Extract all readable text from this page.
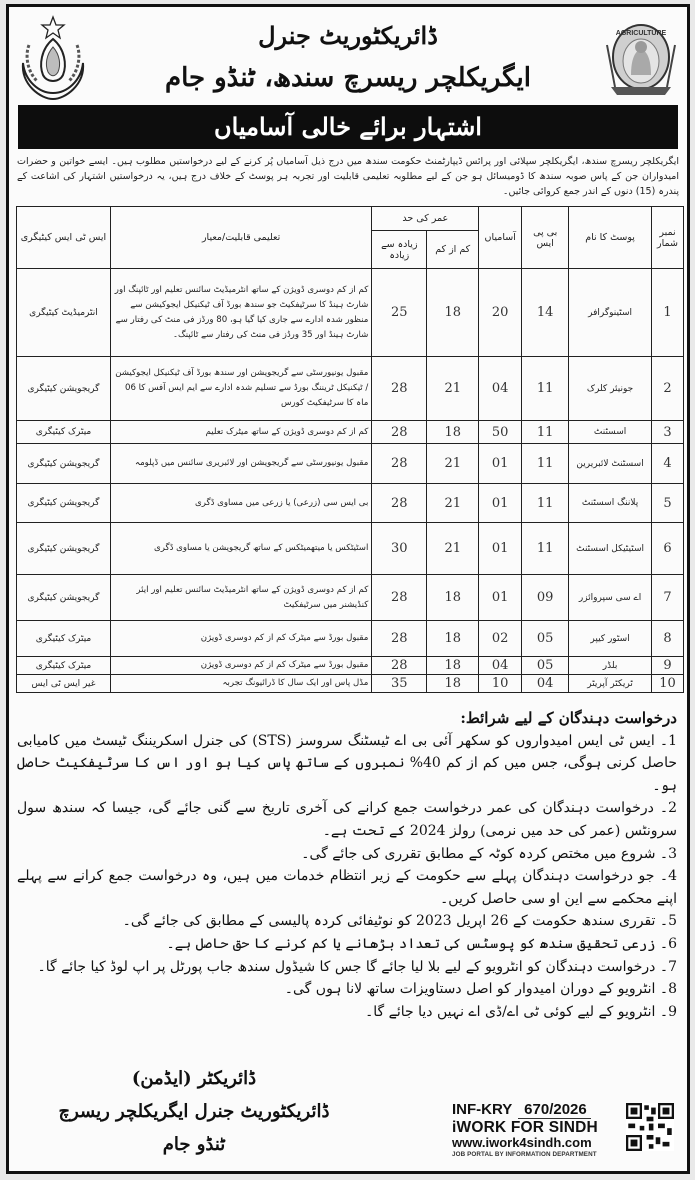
AGRICULTURE
ڈائریکٹوریٹ جنرل
ایگریکلچر ریسرچ سندھ، ٹنڈو جام
اشتہار برائے خالی آسامیاں
ایگریکلچر ریسرچ سندھ، ایگریکلچر سپلائی اور پرائس ڈیپارٹمنٹ حکومت سندھ میں درج ذیل آسامیاں پُر کرنے کے لیے درخواستیں مطلوب ہیں۔ ایسے خواتین و حضرات امیدواران جن کے پاس صوبہ سندھ کا ڈومیسائل ہو جن کے لیے مطلوبہ تعلیمی قابلیت اور تجربہ ہر پوسٹ کے خلاف درج ہیں، یہ درخواستیں اشتہار کی اشاعت کے پندرہ (15) دنوں کے اندر جمع کروائی جائیں۔
نمبر شمار	پوسٹ کا نام	بی پی ایس	آسامیاں	عمر کی حد		تعلیمی قابلیت/معیار	ایس ٹی ایس کیٹیگری
				کم از کم	زیادہ سے زیادہ		
1	اسٹینوگرافر	14	20	18	25	کم از کم دوسری ڈویژن کے ساتھ انٹرمیڈیٹ سائنس تعلیم اور ٹائپنگ اور شارٹ ہینڈ کا سرٹیفکیٹ جو سندھ بورڈ آف ٹیکنیکل ایجوکیشن سے منظور شدہ ادارے سے جاری کیا گیا ہو، 80 ورڈز فی منٹ کی رفتار سے شارٹ ہینڈ اور 35 ورڈز فی منٹ کی رفتار سے ٹائپنگ۔	انٹرمیڈیٹ کیٹیگری
2	جونیئر کلرک	11	04	21	28	مقبول یونیورسٹی سے گریجویشن اور سندھ بورڈ آف ٹیکنیکل ایجوکیشن / ٹیکنیکل ٹریننگ بورڈ سے تسلیم شدہ ادارے سے ایم ایس آفس کا 06 ماہ کا سرٹیفکیٹ کورس	گریجویشن کیٹیگری
3	اسسٹنٹ	11	50	18	28	کم از کم دوسری ڈویژن کے ساتھ میٹرک تعلیم	میٹرک کیٹیگری
4	اسسٹنٹ لائبریرین	11	01	21	28	مقبول یونیورسٹی سے گریجویشن اور لائبریری سائنس میں ڈپلومہ	گریجویشن کیٹیگری
5	پلاننگ اسسٹنٹ	11	01	21	28	بی ایس سی (زرعی) یا زرعی میں مساوی ڈگری	گریجویشن کیٹیگری
6	اسٹیٹیکل اسسٹنٹ	11	01	21	30	اسٹیٹکس یا میتھمیٹکس کے ساتھ گریجویشن یا مساوی ڈگری	گریجویشن کیٹیگری
7	اے سی سپروائزر	09	01	18	28	کم از کم دوسری ڈویژن کے ساتھ انٹرمیڈیٹ سائنس تعلیم اور ایئر کنڈیشنر میں سرٹیفکیٹ	گریجویشن کیٹیگری
8	اسٹور کیپر	05	02	18	28	مقبول بورڈ سے میٹرک کم از کم دوسری ڈویژن	میٹرک کیٹیگری
9	بلڈر	05	04	18	28	مقبول بورڈ سے میٹرک کم از کم دوسری ڈویژن	میٹرک کیٹیگری
10	ٹریکٹر آپریٹر	04	10	18	35	مڈل پاس اور ایک سال کا ڈرائیونگ تجربہ	غیر ایس ٹی ایس
درخواست دہندگان کے لیے شرائط:
1۔ ایس ٹی ایس امیدواروں کو سکھر آئی بی اے ٹیسٹنگ سروسز (STS) کی جنرل اسکریننگ ٹیسٹ میں کامیابی حاصل کرنی ہوگی، جس میں کم از کم 40% نمبروں کے ساتھ پاس کیا ہو اور اس کا سرٹیفکیٹ حاصل ہو۔
2۔ درخواست دہندگان کی عمر درخواست جمع کرانے کی آخری تاریخ سے گنی جائے گی، جیسا کہ سندھ سول سرونٹس (عمر کی حد میں نرمی) رولز 2024 کے تحت ہے۔
3۔ شروع میں مختص کردہ کوٹہ کے مطابق تقرری کی جائے گی۔
4۔ جو درخواست دہندگان پہلے سے حکومت کے زیر انتظام خدمات میں ہیں، وہ درخواست جمع کرانے سے پہلے اپنے محکمے سے این او سی حاصل کریں۔
5۔ تقرری سندھ حکومت کے 26 اپریل 2023 کو نوٹیفائی کردہ پالیسی کے مطابق کی جائے گی۔
6۔ زرعی تحقیق سندھ کو پوسٹس کی تعداد بڑھانے یا کم کرنے کا حق حاصل ہے۔
7۔ درخواست دہندگان کو انٹرویو کے لیے بلا لیا جائے گا جس کا شیڈول سندھ جاب پورٹل پر اپ لوڈ کیا جائے گا۔
8۔ انٹرویو کے دوران امیدوار کو اصل دستاویزات ساتھ لانا ہوں گی۔
9۔ انٹرویو کے لیے کوئی ٹی اے/ڈی اے نہیں دیا جائے گا۔
ڈائریکٹر (ایڈمن)
ڈائریکٹوریٹ جنرل ایگریکلچر ریسرچ
ٹنڈو جام
INF-KRY 670/2026
iWORK FOR SINDH
www.iwork4sindh.com
JOB PORTAL BY INFORMATION DEPARTMENT
